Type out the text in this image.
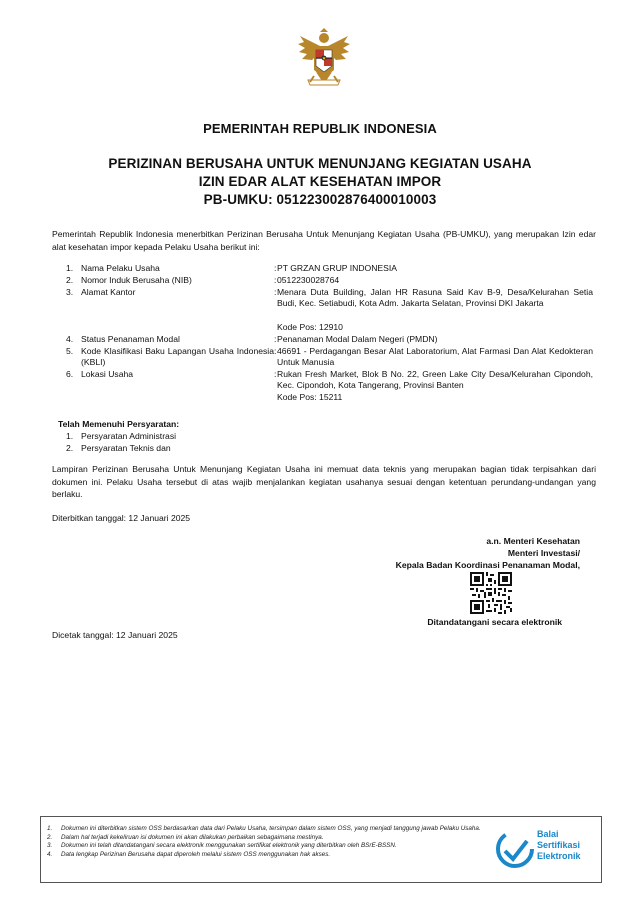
PEMERINTAH REPUBLIK INDONESIA
PERIZINAN BERUSAHA UNTUK MENUNJANG KEGIATAN USAHA
IZIN EDAR ALAT KESEHATAN IMPOR
PB-UMKU: 051223002876400010003
Pemerintah Republik Indonesia menerbitkan Perizinan Berusaha Untuk Menunjang Kegiatan Usaha (PB-UMKU), yang merupakan Izin edar alat kesehatan impor kepada Pelaku Usaha berikut ini:
1. Nama Pelaku Usaha	: PT GRZAN GRUP INDONESIA
2. Nomor Induk Berusaha (NIB)	: 0512230028764
3. Alamat Kantor	: Menara Duta Building, Jalan HR Rasuna Said Kav B-9, Desa/Kelurahan Setia Budi, Kec. Setiabudi, Kota Adm. Jakarta Selatan, Provinsi DKI Jakarta
Kode Pos: 12910
4. Status Penanaman Modal	: Penanaman Modal Dalam Negeri (PMDN)
5. Kode Klasifikasi Baku Lapangan Usaha Indonesia (KBLI)
: 46691 - Perdagangan Besar Alat Laboratorium, Alat Farmasi Dan Alat Kedokteran Untuk Manusia
6. Lokasi Usaha	: Rukan Fresh Market, Blok B No. 22, Green Lake City Desa/Kelurahan Cipondoh, Kec. Cipondoh, Kota Tangerang, Provinsi Banten
Kode Pos: 15211
Telah Memenuhi Persyaratan:
1. Persyaratan Administrasi
2. Persyaratan Teknis dan
Lampiran Perizinan Berusaha Untuk Menunjang Kegiatan Usaha ini memuat data teknis yang merupakan bagian tidak terpisahkan dari dokumen ini. Pelaku Usaha tersebut di atas wajib menjalankan kegiatan usahanya sesuai dengan ketentuan perundang-undangan yang berlaku.
Diterbitkan tanggal: 12 Januari 2025
a.n. Menteri Kesehatan
Menteri Investasi/
Kepala Badan Koordinasi Penanaman Modal,
Ditandatangani secara elektronik
Dicetak tanggal: 12 Januari 2025
1.	Dokumen ini diterbitkan sistem OSS berdasarkan data dari Pelaku Usaha, tersimpan dalam sistem OSS, yang menjadi tanggung jawab Pelaku Usaha.
2.	Dalam hal terjadi kekeliruan isi dokumen ini akan dilakukan perbaikan sebagaimana mestinya.
3.	Dokumen ini telah ditandatangani secara elektronik menggunakan sertifikat elektronik yang diterbitkan oleh BSrE-BSSN.
4.	Data lengkap Perizinan Berusaha dapat diperoleh melalui sistem OSS menggunakan hak akses.
Balai
Sertifikasi
Elektronik
